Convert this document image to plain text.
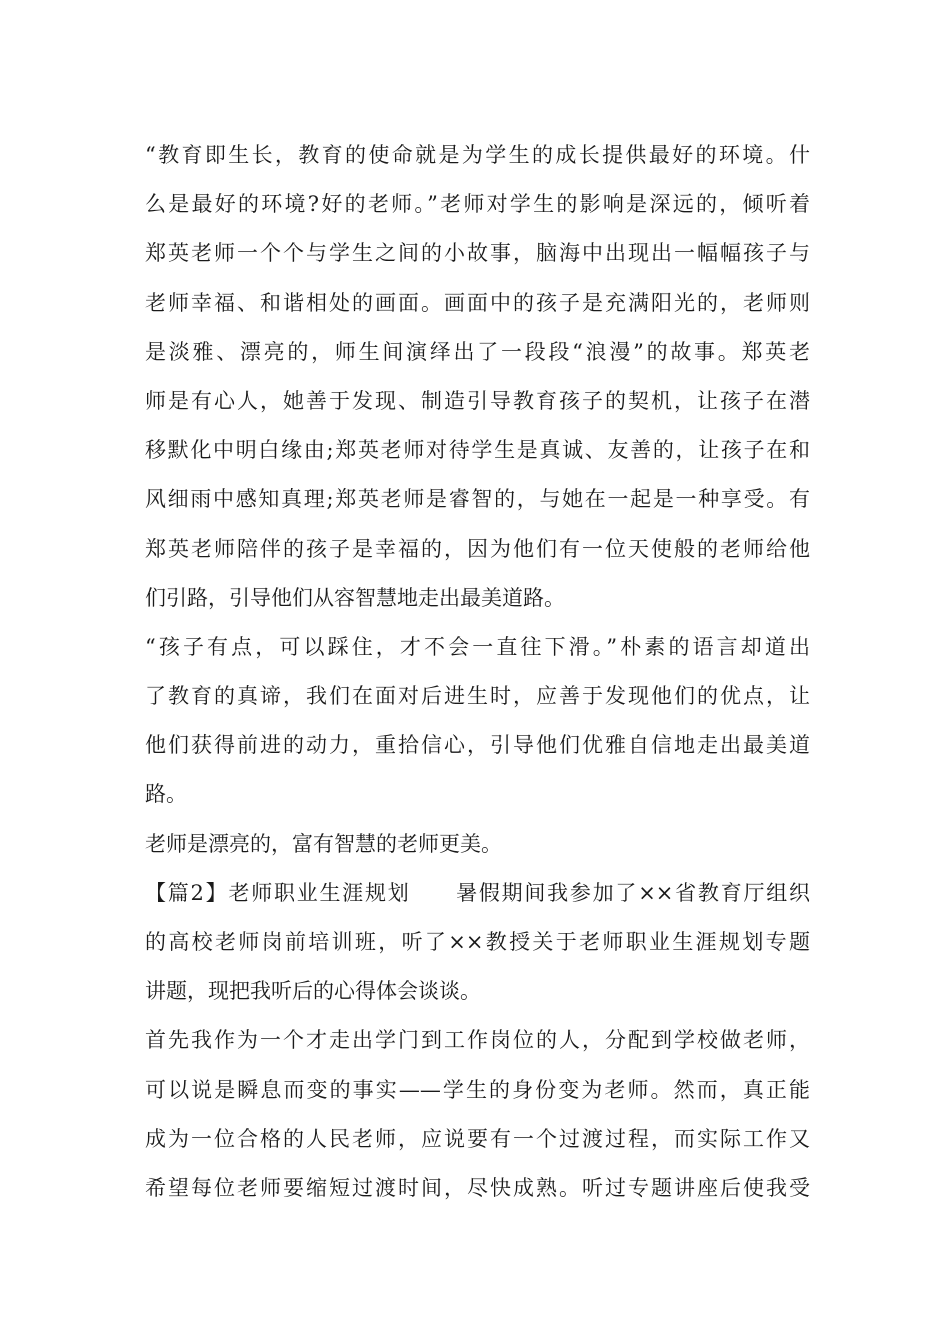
“教育即生长，教育的使命就是为学生的成长提供最好的环境。什
么是最好的环境?好的老师。”老师对学生的影响是深远的，倾听着
郑英老师一个个与学生之间的小故事，脑海中出现出一幅幅孩子与
老师幸福、和谐相处的画面。画面中的孩子是充满阳光的，老师则
是淡雅、漂亮的，师生间演绎出了一段段“浪漫”的故事。郑英老
师是有心人，她善于发现、制造引导教育孩子的契机，让孩子在潜
移默化中明白缘由;郑英老师对待学生是真诚、友善的，让孩子在和
风细雨中感知真理;郑英老师是睿智的，与她在一起是一种享受。有
郑英老师陪伴的孩子是幸福的，因为他们有一位天使般的老师给他
们引路，引导他们从容智慧地走出最美道路。
“孩子有点，可以踩住，才不会一直往下滑。”朴素的语言却道出
了教育的真谛，我们在面对后进生时，应善于发现他们的优点，让
他们获得前进的动力，重拾信心，引导他们优雅自信地走出最美道
路。
老师是漂亮的，富有智慧的老师更美。
【篇2】老师职业生涯规划　　暑假期间我参加了××省教育厅组织
的高校老师岗前培训班，听了××教授关于老师职业生涯规划专题
讲题，现把我听后的心得体会谈谈。
首先我作为一个才走出学门到工作岗位的人，分配到学校做老师，
可以说是瞬息而变的事实——学生的身份变为老师。然而，真正能
成为一位合格的人民老师，应说要有一个过渡过程，而实际工作又
希望每位老师要缩短过渡时间，尽快成熟。听过专题讲座后使我受
